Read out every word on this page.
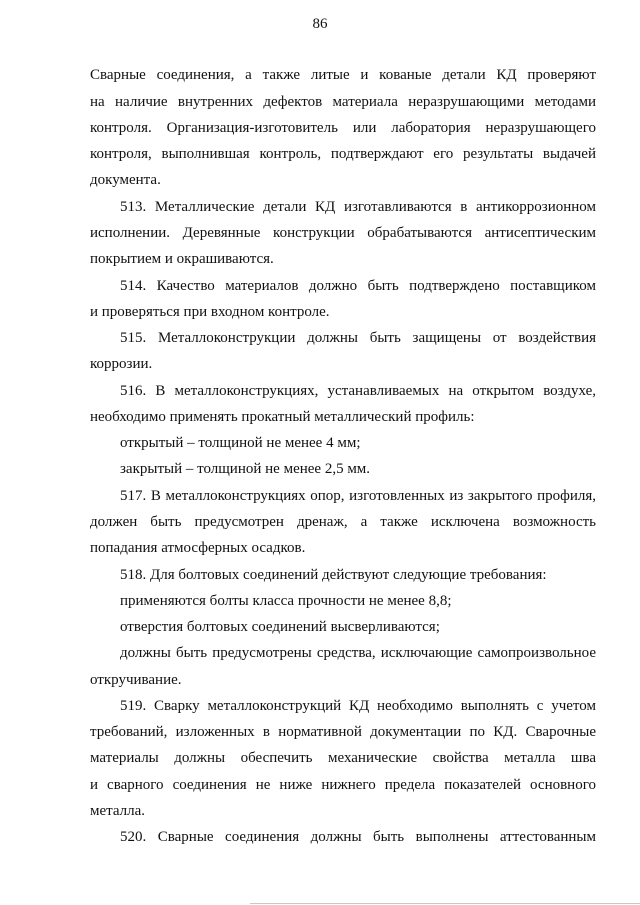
86
Сварные соединения, а также литые и кованые детали КД проверяют
на наличие внутренних дефектов материала неразрушающими методами
контроля. Организация-изготовитель или лаборатория неразрушающего
контроля, выполнившая контроль, подтверждают его результаты выдачей
документа.
513. Металлические детали КД изготавливаются в антикоррозионном
исполнении. Деревянные конструкции обрабатываются антисептическим
покрытием и окрашиваются.
514. Качество материалов должно быть подтверждено поставщиком
и проверяться при входном контроле.
515. Металлоконструкции должны быть защищены от воздействия
коррозии.
516. В металлоконструкциях, устанавливаемых на открытом воздухе,
необходимо применять прокатный металлический профиль:
открытый – толщиной не менее 4 мм;
закрытый – толщиной не менее 2,5 мм.
517. В металлоконструкциях опор, изготовленных из закрытого профиля,
должен быть предусмотрен дренаж, а также исключена возможность
попадания атмосферных осадков.
518. Для болтовых соединений действуют следующие требования:
применяются болты класса прочности не менее 8,8;
отверстия болтовых соединений высверливаются;
должны быть предусмотрены средства, исключающие самопроизвольное
откручивание.
519. Сварку металлоконструкций КД необходимо выполнять с учетом
требований, изложенных в нормативной документации по КД. Сварочные
материалы должны обеспечить механические свойства металла шва
и сварного соединения не ниже нижнего предела показателей основного
металла.
520. Сварные соединения должны быть выполнены аттестованным
